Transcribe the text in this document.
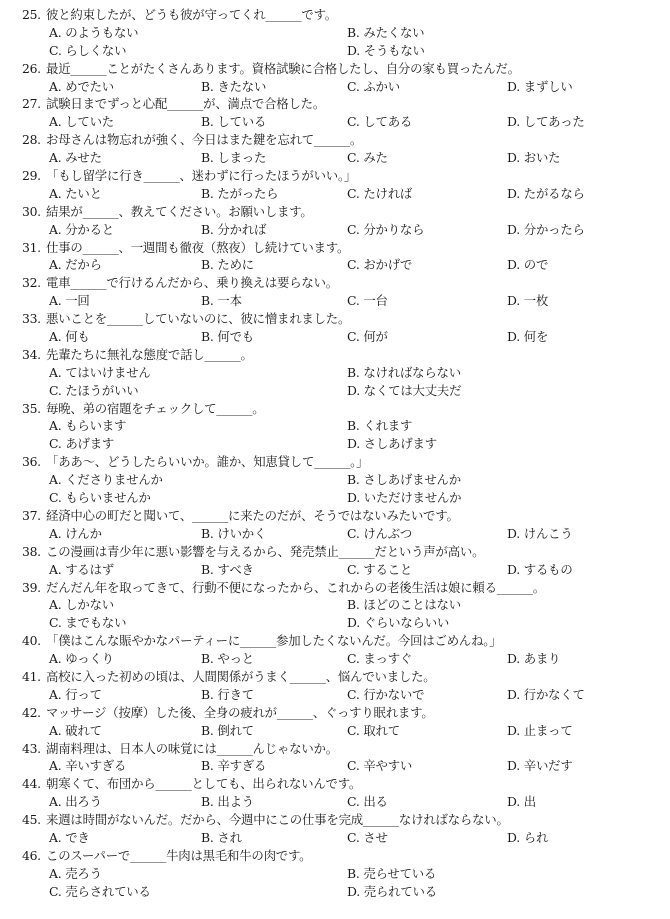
25. 彼と約束したが、どうも彼が守ってくれ______です。
A. のようもない	B. みたくない
C. らしくない	D. そうもない
26. 最近______ことがたくさんあります。資格試験に合格したし、自分の家も買ったんだ。
A. めでたい	B. きたない	C. ふかい	D. まずしい
27. 試験日までずっと心配______が、満点で合格した。
A. していた	B. している	C. してある	D. してあった
28. お母さんは物忘れが強く、今日はまた鍵を忘れて______。
A. みせた	B. しまった	C. みた	D. おいた
29. 「もし留学に行き______、迷わずに行ったほうがいい。」
A. たいと	B. たがったら	C. たければ	D. たがるなら
30. 結果が______、教えてください。お願いします。
A. 分かると	B. 分かれば	C. 分かりなら	D. 分かったら
31. 仕事の______、一週間も徹夜（熬夜）し続けています。
A. だから	B. ために	C. おかげで	D. ので
32. 電車______で行けるんだから、乗り換えは要らない。
A. 一回	B. 一本	C. 一台	D. 一枚
33. 悪いことを______していないのに、彼に憎まれました。
A. 何も	B. 何でも	C. 何が	D. 何を
34. 先輩たちに無礼な態度で話し______。
A. てはいけません	B. なければならない
C. たほうがいい	D. なくては大丈夫だ
35. 毎晩、弟の宿題をチェックして______。
A. もらいます	B. くれます
C. あげます	D. さしあげます
36. 「ああ～、どうしたらいいか。誰か、知恵貸して______。」
A. くださりませんか	B. さしあげませんか
C. もらいませんか	D. いただけませんか
37. 経済中心の町だと聞いて、______に来たのだが、そうではないみたいです。
A. けんか	B. けいかく	C. けんぶつ	D. けんこう
38. この漫画は青少年に悪い影響を与えるから、発売禁止______だという声が高い。
A. するはず	B. すべき	C. すること	D. するもの
39. だんだん年を取ってきて、行動不便になったから、これからの老後生活は娘に頼る______。
A. しかない	B. ほどのことはない
C. までもない	D. ぐらいならいい
40. 「僕はこんな賑やかなパーティーに______参加したくないんだ。今回はごめんね。」
A. ゆっくり	B. やっと	C. まっすぐ	D. あまり
41. 高校に入った初めの頃は、人間関係がうまく______、悩んでいました。
A. 行って	B. 行きて	C. 行かないで	D. 行かなくて
42. マッサージ（按摩）した後、全身の疲れが______、ぐっすり眠れます。
A. 破れて	B. 倒れて	C. 取れて	D. 止まって
43. 湖南料理は、日本人の味覚には______んじゃないか。
A. 辛いすぎる	B. 辛すぎる	C. 辛やすい	D. 辛いだす
44. 朝寒くて、布団から______としても、出られないんです。
A. 出ろう	B. 出よう	C. 出る	D. 出
45. 来週は時間がないんだ。だから、今週中にこの仕事を完成______なければならない。
A. でき	B. され	C. させ	D. られ
46. このスーパーで______牛肉は黒毛和牛の肉です。
A. 売ろう	B. 売らせている
C. 売らされている	D. 売られている
